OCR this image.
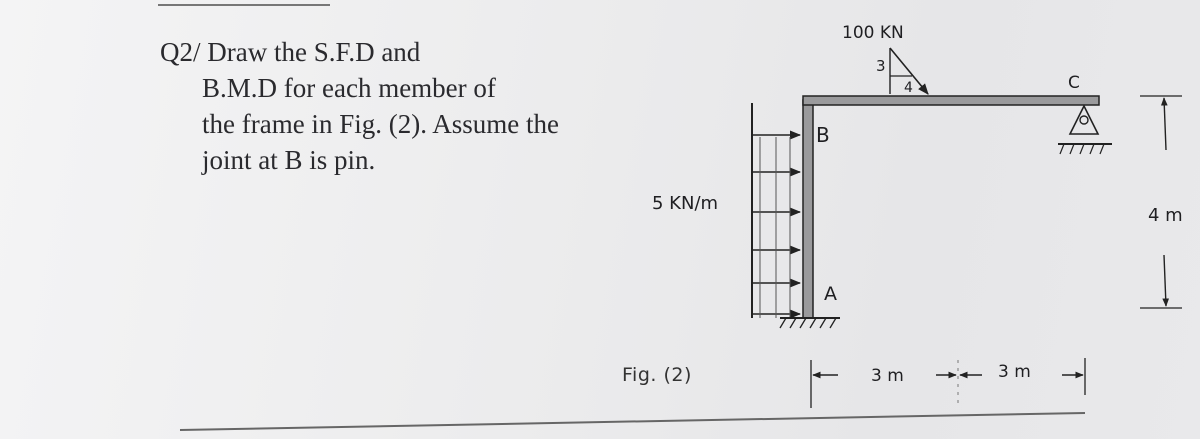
Q2/ Draw the S.F.D and
B.M.D for each member of
the frame in Fig. (2). Assume the
joint at B is pin.
Fig. (2)
5 KN/m
B
A
100 KN
3
4	C
3 m	3 m
4 m
